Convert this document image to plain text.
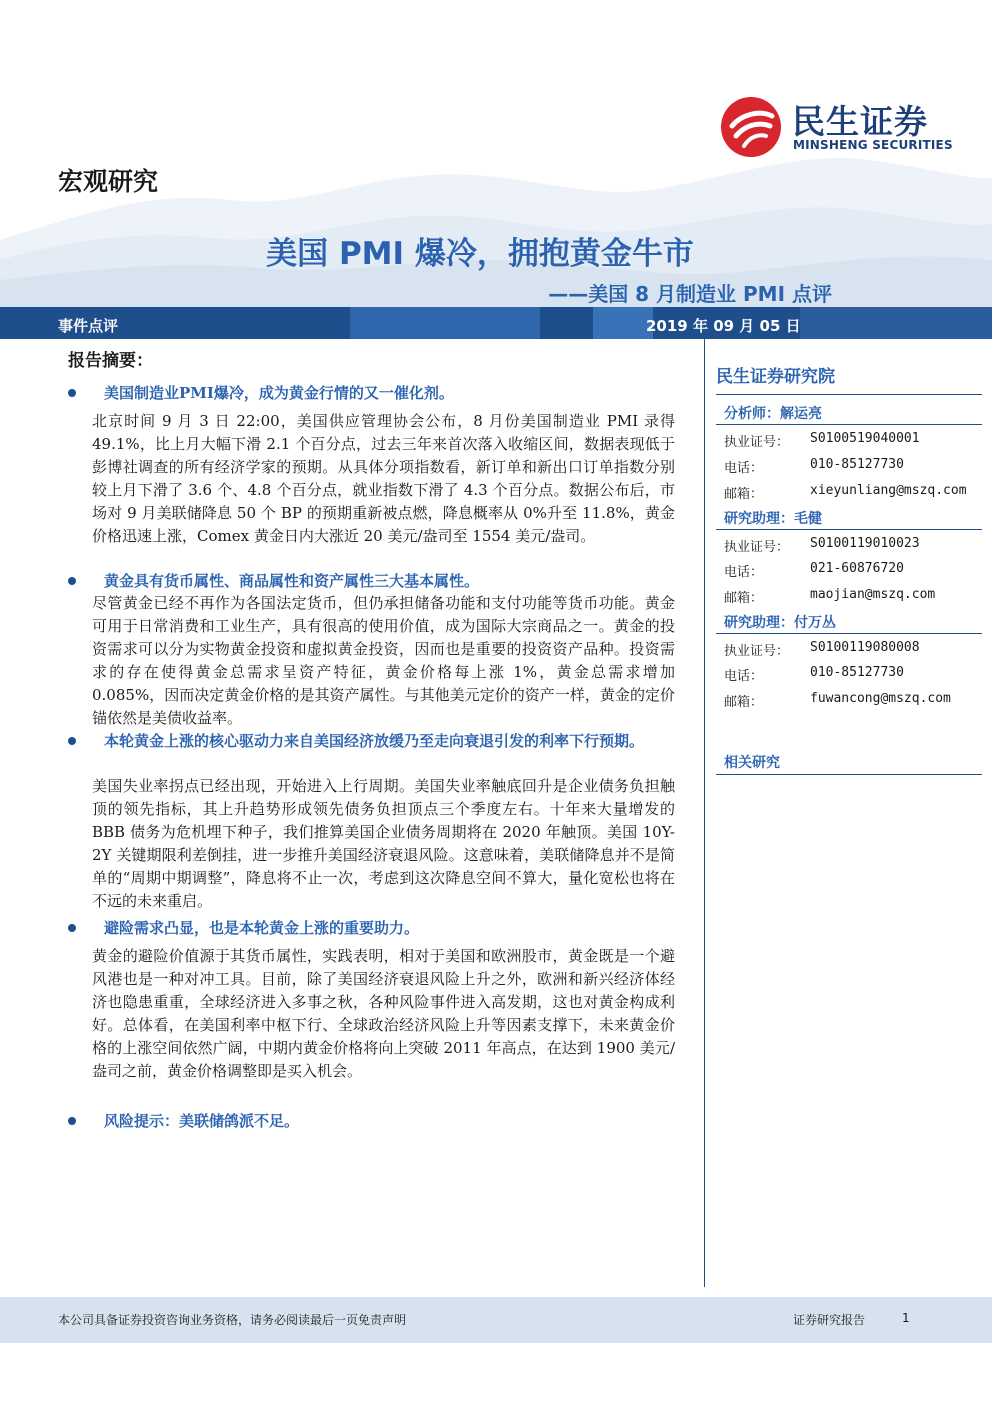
民生证券
MINSHENG SECURITIES
宏观研究
美国 PMI 爆冷，拥抱黄金牛市
——美国 8 月制造业 PMI 点评
事件点评	2019 年 09 月 05 日
报告摘要：
美国制造业PMI爆冷，成为黄金行情的又一催化剂。

北京时间 9 月 3 日 22:00，美国供应管理协会公布，8 月份美国制造业 PMI 录得 49.1%，比上月大幅下滑 2.1 个百分点，过去三年来首次落入收缩区间，数据表现低于彭博社调查的所有经济学家的预期。从具体分项指数看，新订单和新出口订单指数分别较上月下滑了 3.6 个、4.8 个百分点，就业指数下滑了 4.3 个百分点。数据公布后，市场对 9 月美联储降息 50 个 BP 的预期重新被点燃，降息概率从 0%升至 11.8%，黄金价格迅速上涨，Comex 黄金日内大涨近 20 美元/盎司至 1554 美元/盎司。

黄金具有货币属性、商品属性和资产属性三大基本属性。

尽管黄金已经不再作为各国法定货币，但仍承担储备功能和支付功能等货币功能。黄金可用于日常消费和工业生产，具有很高的使用价值，成为国际大宗商品之一。黄金的投资需求可以分为实物黄金投资和虚拟黄金投资，因而也是重要的投资资产品种。投资需求的存在使得黄金总需求呈资产特征，黄金价格每上涨 1%，黄金总需求增加 0.085%，因而决定黄金价格的是其资产属性。与其他美元定价的资产一样，黄金的定价锚依然是美债收益率。

本轮黄金上涨的核心驱动力来自美国经济放缓乃至走向衰退引发的利率下行预期。

美国失业率拐点已经出现，开始进入上行周期。美国失业率触底回升是企业债务负担触顶的领先指标，其上升趋势形成领先债务负担顶点三个季度左右。十年来大量增发的 BBB 债务为危机埋下种子，我们推算美国企业债务周期将在 2020 年触顶。美国 10Y-2Y 关键期限利差倒挂，进一步推升美国经济衰退风险。这意味着，美联储降息并不是简单的“周期中期调整”，降息将不止一次，考虑到这次降息空间不算大，量化宽松也将在不远的未来重启。

避险需求凸显，也是本轮黄金上涨的重要助力。

黄金的避险价值源于其货币属性，实践表明，相对于美国和欧洲股市，黄金既是一个避风港也是一种对冲工具。目前，除了美国经济衰退风险上升之外，欧洲和新兴经济体经济也隐患重重，全球经济进入多事之秋，各种风险事件进入高发期，这也对黄金构成利好。总体看，在美国利率中枢下行、全球政治经济风险上升等因素支撑下，未来黄金价格的上涨空间依然广阔，中期内黄金价格将向上突破 2011 年高点，在达到 1900 美元/盎司之前，黄金价格调整即是买入机会。

风险提示：美联储鸽派不足。
民生证券研究院
分析师：解运亮
执业证号： S0100519040001
电话：	010-85127730
邮箱：	xieyunliang@mszq.com
研究助理：毛健
执业证号： S0100119010023
电话：	021-60876720
邮箱：	maojian@mszq.com
研究助理：付万丛
执业证号： S0100119080008
电话：	010-85127730
邮箱：	fuwancong@mszq.com
相关研究
本公司具备证券投资咨询业务资格，请务必阅读最后一页免责声明	证券研究报告	1
